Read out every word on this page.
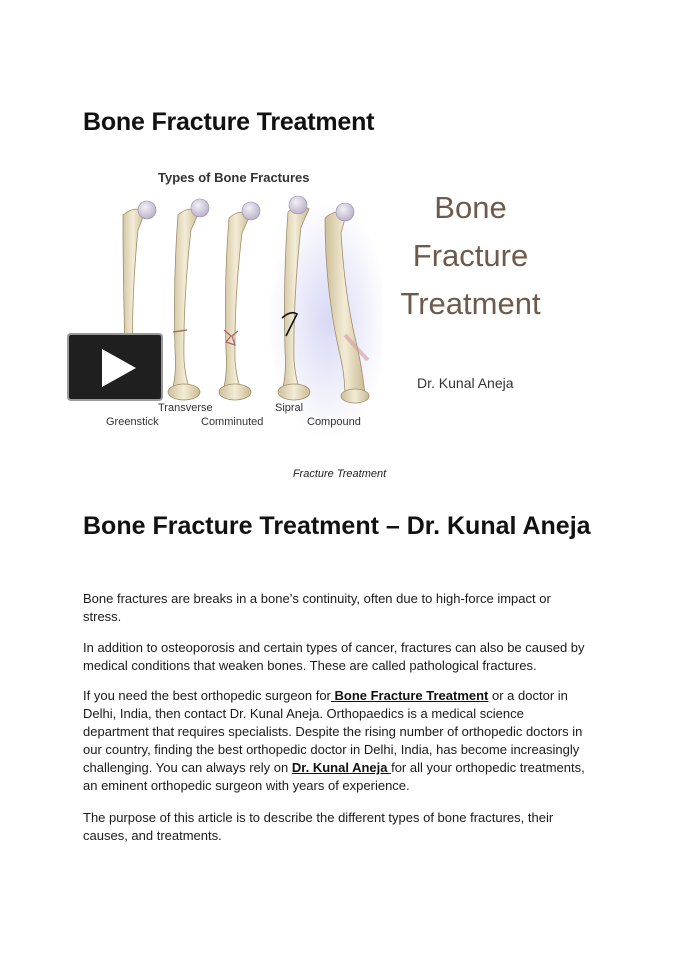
Bone Fracture Treatment
Types of Bone Fractures
Greenstick
Transverse
Comminuted
Sipral
Compound
Bone
Fracture
Treatment
Dr. Kunal Aneja
Fracture Treatment
Bone Fracture Treatment – Dr. Kunal Aneja

Bone fractures are breaks in a bone’s continuity, often due to high-force impact or stress.

In addition to osteoporosis and certain types of cancer, fractures can also be caused by medical conditions that weaken bones. These are called pathological fractures.

If you need the best orthopedic surgeon for Bone Fracture Treatment or a doctor in Delhi, India, then contact Dr. Kunal Aneja. Orthopaedics is a medical science department that requires specialists. Despite the rising number of orthopedic doctors in our country, finding the best orthopedic doctor in Delhi, India, has become increasingly challenging. You can always rely on Dr. Kunal Aneja for all your orthopedic treatments, an eminent orthopedic surgeon with years of experience.

The purpose of this article is to describe the different types of bone fractures, their causes, and treatments.
